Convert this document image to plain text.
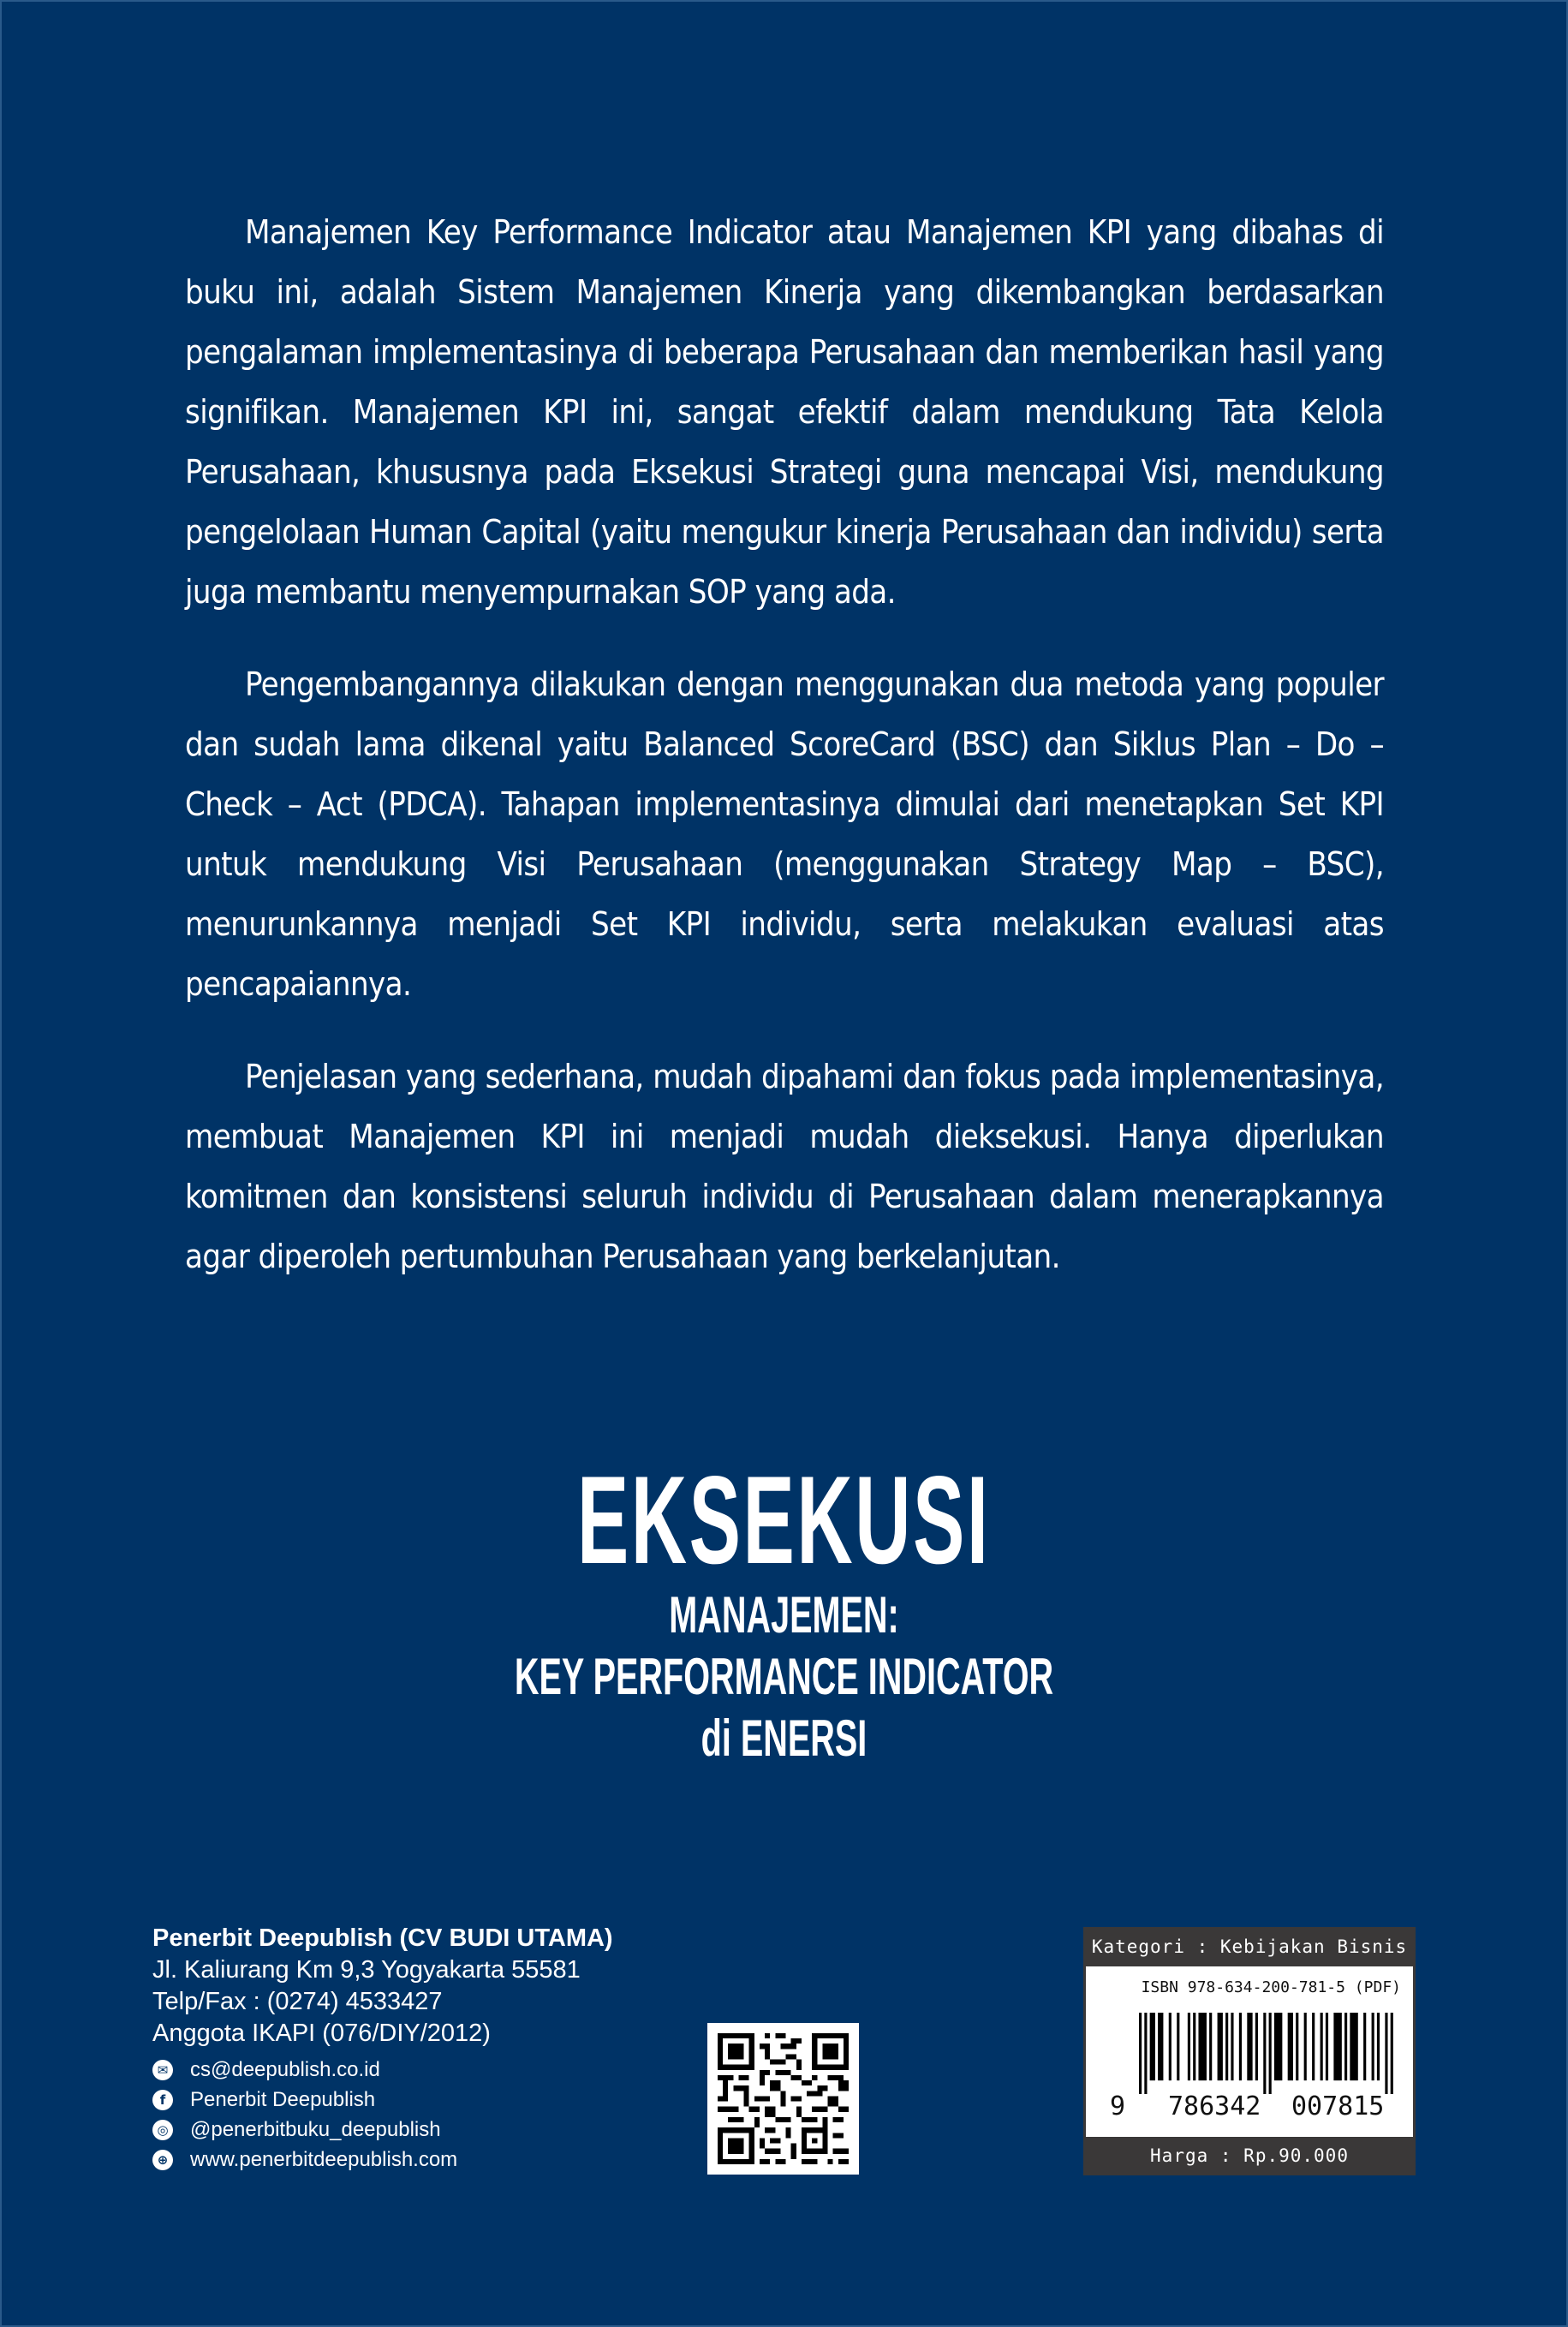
Manajemen Key Performance Indicator atau Manajemen KPI yang dibahas di buku ini, adalah Sistem Manajemen Kinerja yang dikembangkan berdasarkan pengalaman implementasinya di beberapa Perusahaan dan memberikan hasil yang signifikan. Manajemen KPI ini, sangat efektif dalam mendukung Tata Kelola Perusahaan, khususnya pada Eksekusi Strategi guna mencapai Visi, mendukung pengelolaan Human Capital (yaitu mengukur kinerja Perusahaan dan individu) serta juga membantu menyempurnakan SOP yang ada.

Pengembangannya dilakukan dengan menggunakan dua metoda yang populer dan sudah lama dikenal yaitu Balanced ScoreCard (BSC) dan Siklus Plan – Do – Check – Act (PDCA). Tahapan implementasinya dimulai dari menetapkan Set KPI untuk mendukung Visi Perusahaan (menggunakan Strategy Map – BSC), menurunkannya menjadi Set KPI individu, serta melakukan evaluasi atas pencapaiannya.

Penjelasan yang sederhana, mudah dipahami dan fokus pada implementasinya, membuat Manajemen KPI ini menjadi mudah dieksekusi. Hanya diperlukan komitmen dan konsistensi seluruh individu di Perusahaan dalam menerapkannya agar diperoleh pertumbuhan Perusahaan yang berkelanjutan.

EKSEKUSI
MANAJEMEN:
KEY PERFORMANCE INDICATOR
di ENERSI
Penerbit Deepublish (CV BUDI UTAMA)
Jl. Kaliurang Km 9,3 Yogyakarta 55581
Telp/Fax : (0274) 4533427
Anggota IKAPI (076/DIY/2012)
✉ cs@deepublish.co.id
f	Penerbit Deepublish
◎ @penerbitbuku_deepublish
⊕ www.penerbitdeepublish.com
Kategori : Kebijakan Bisnis
ISBN 978-634-200-781-5 (PDF)
9 786342 007815
Harga : Rp.90.000
